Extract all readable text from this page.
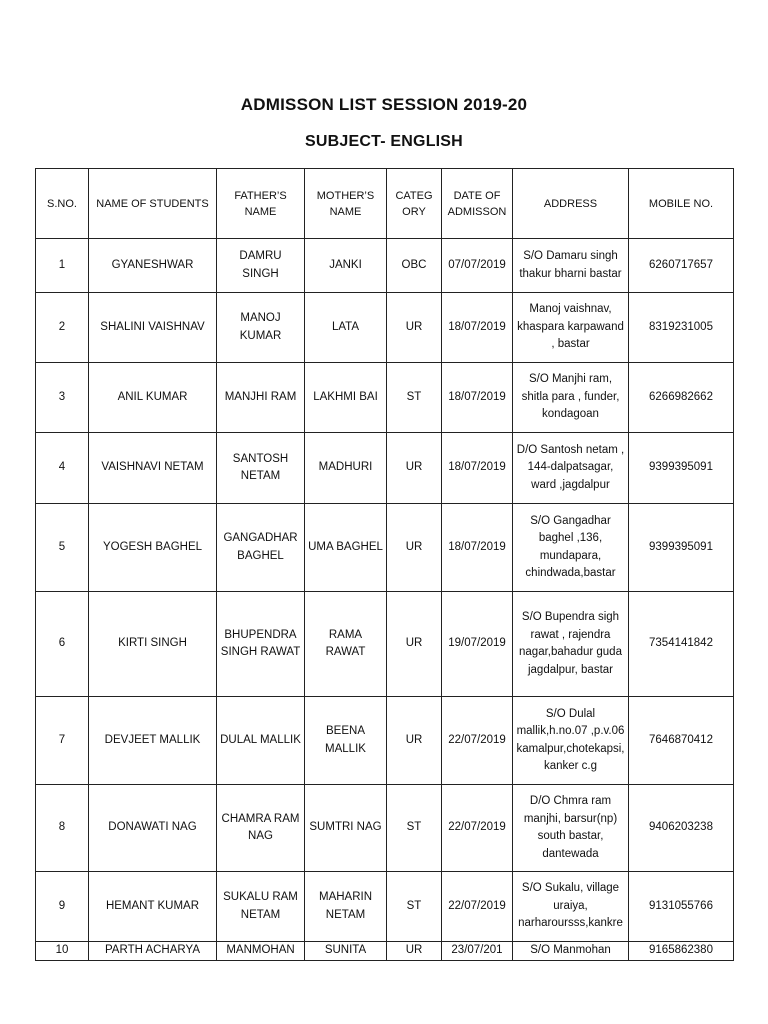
ADMISSON LIST SESSION 2019-20
SUBJECT- ENGLISH
S.NO.	NAME OF STUDENTS	FATHER’S NAME	MOTHER’S NAME	CATEG ORY	DATE OF ADMISSON	ADDRESS	MOBILE NO.
1	GYANESHWAR	DAMRU SINGH	JANKI	OBC	07/07/2019	S/O Damaru singh thakur bharni bastar	6260717657
2	SHALINI VAISHNAV	MANOJ KUMAR	LATA	UR	18/07/2019	Manoj vaishnav, khaspara karpawand , bastar	8319231005
3	ANIL KUMAR	MANJHI RAM	LAKHMI BAI	ST	18/07/2019	S/O Manjhi ram, shitla para , funder, kondagoan	6266982662
4	VAISHNAVI NETAM	SANTOSH NETAM	MADHURI	UR	18/07/2019	D/O Santosh netam , 144-dalpatsagar, ward ,jagdalpur	9399395091
5	YOGESH BAGHEL	GANGADHAR BAGHEL	UMA BAGHEL	UR	18/07/2019	S/O Gangadhar baghel ,136, mundapara, chindwada,bastar	9399395091
6	KIRTI SINGH	BHUPENDRA SINGH RAWAT	RAMA RAWAT	UR	19/07/2019	S/O Bupendra sigh rawat , rajendra nagar,bahadur guda jagdalpur, bastar	7354141842
7	DEVJEET MALLIK	DULAL MALLIK	BEENA MALLIK	UR	22/07/2019	S/O Dulal mallik,h.no.07 ,p.v.06 kamalpur,chotekapsi, kanker c.g	7646870412
8	DONAWATI NAG	CHAMRA RAM NAG	SUMTRI NAG	ST	22/07/2019	D/O Chmra ram manjhi, barsur(np) south bastar, dantewada	9406203238
9	HEMANT KUMAR	SUKALU RAM NETAM	MAHARIN NETAM	ST	22/07/2019	S/O Sukalu, village uraiya, narharoursss,kankre	9131055766
10	PARTH ACHARYA	MANMOHAN	SUNITA	UR	23/07/201	S/O Manmohan	9165862380
